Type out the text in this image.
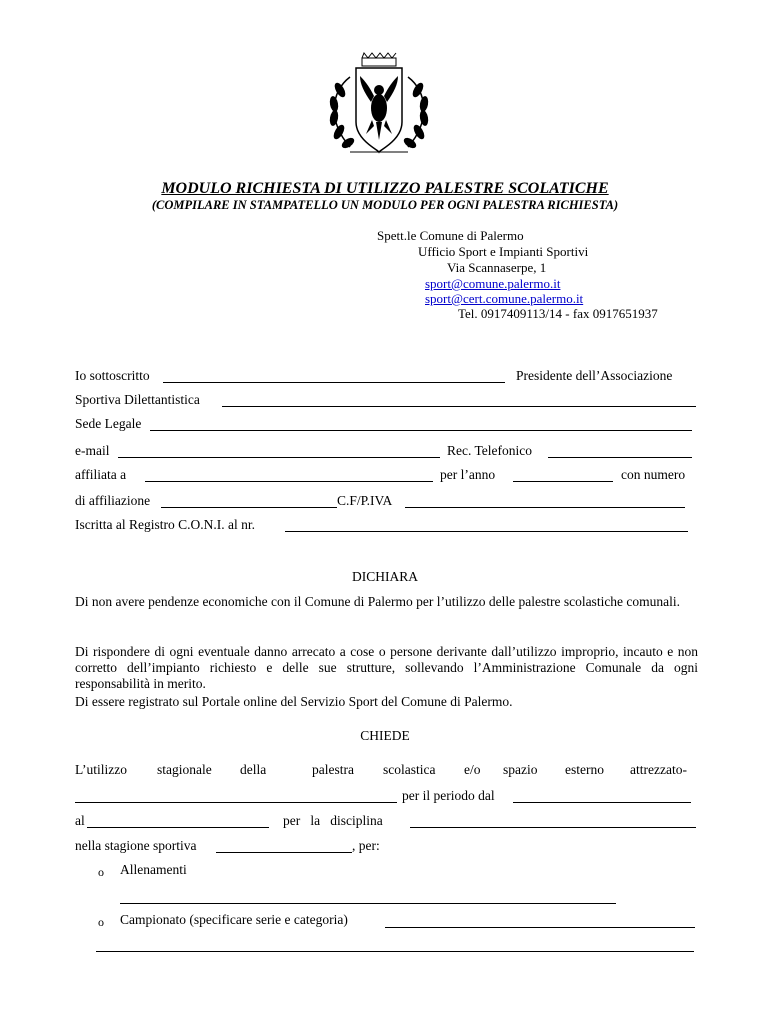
MODULO RICHIESTA DI UTILIZZO PALESTRE SCOLATICHE
(COMPILARE IN STAMPATELLO UN MODULO PER OGNI PALESTRA RICHIESTA)
Spett.le Comune di Palermo
Ufficio Sport e Impianti Sportivi
Via Scannaserpe, 1
sport@comune.palermo.it
sport@cert.comune.palermo.it
Tel. 0917409113/14 - fax 0917651937
Io sottoscritto	Presidente dell’Associazione
Sportiva Dilettantistica
Sede Legale
e-mail	Rec. Telefonico
affiliata a	per l’anno	con numero
di affiliazione	C.F/P.IVA
Iscritta al Registro C.O.N.I. al nr.
DICHIARA
Di non avere pendenze economiche con il Comune di Palermo per l’utilizzo delle palestre scolastiche comunali.
Di rispondere di ogni eventuale danno arrecato a cose o persone derivante dall’utilizzo improprio, incauto e non corretto dell’impianto richiesto e delle sue strutture, sollevando l’Amministrazione Comunale da ogni responsabilità in merito.
Di essere registrato sul Portale online del Servizio Sport del Comune di Palermo.
CHIEDE
L’utilizzo stagionale della	palestra scolastica e/o spazio esterno attrezzato-
per il periodo dal
al	per   la   disciplina
nella stagione sportiva	, per:
o Allenamenti
o Campionato (specificare serie e categoria)
